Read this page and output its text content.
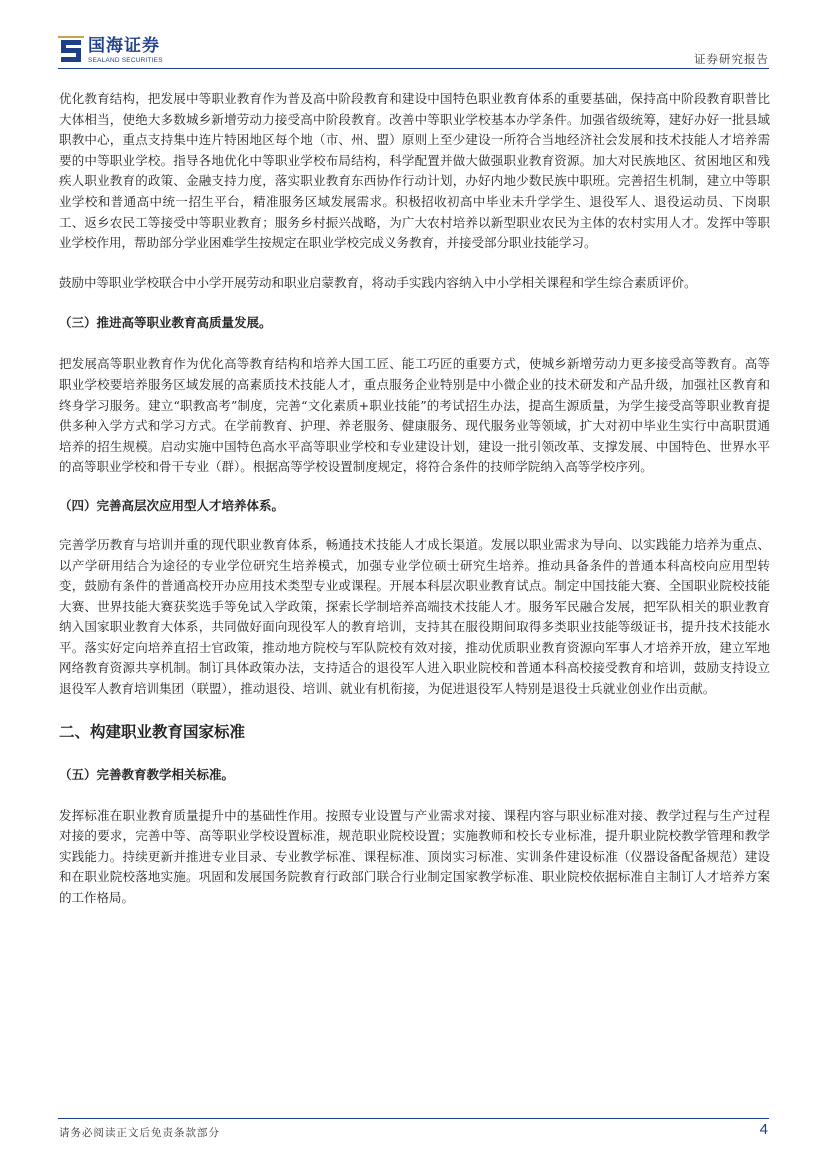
国海证券
SEALAND SECURITIES	证券研究报告

优化教育结构，把发展中等职业教育作为普及高中阶段教育和建设中国特色职业教育体系的重要基础，保持高中阶段教育职普比大体相当，使绝大多数城乡新增劳动力接受高中阶段教育。改善中等职业学校基本办学条件。加强省级统筹，建好办好一批县域职教中心，重点支持集中连片特困地区每个地（市、州、盟）原则上至少建设一所符合当地经济社会发展和技术技能人才培养需要的中等职业学校。指导各地优化中等职业学校布局结构，科学配置并做大做强职业教育资源。加大对民族地区、贫困地区和残疾人职业教育的政策、金融支持力度，落实职业教育东西协作行动计划，办好内地少数民族中职班。完善招生机制，建立中等职业学校和普通高中统一招生平台，精准服务区域发展需求。积极招收初高中毕业未升学学生、退役军人、退役运动员、下岗职工、返乡农民工等接受中等职业教育；服务乡村振兴战略，为广大农村培养以新型职业农民为主体的农村实用人才。发挥中等职业学校作用，帮助部分学业困难学生按规定在职业学校完成义务教育，并接受部分职业技能学习。

鼓励中等职业学校联合中小学开展劳动和职业启蒙教育，将动手实践内容纳入中小学相关课程和学生综合素质评价。

（三）推进高等职业教育高质量发展。

把发展高等职业教育作为优化高等教育结构和培养大国工匠、能工巧匠的重要方式，使城乡新增劳动力更多接受高等教育。高等职业学校要培养服务区域发展的高素质技术技能人才，重点服务企业特别是中小微企业的技术研发和产品升级，加强社区教育和终身学习服务。建立“职教高考”制度，完善“文化素质+职业技能”的考试招生办法，提高生源质量，为学生接受高等职业教育提供多种入学方式和学习方式。在学前教育、护理、养老服务、健康服务、现代服务业等领域，扩大对初中毕业生实行中高职贯通培养的招生规模。启动实施中国特色高水平高等职业学校和专业建设计划，建设一批引领改革、支撑发展、中国特色、世界水平的高等职业学校和骨干专业（群）。根据高等学校设置制度规定，将符合条件的技师学院纳入高等学校序列。

（四）完善高层次应用型人才培养体系。

完善学历教育与培训并重的现代职业教育体系，畅通技术技能人才成长渠道。发展以职业需求为导向、以实践能力培养为重点、以产学研用结合为途径的专业学位研究生培养模式，加强专业学位硕士研究生培养。推动具备条件的普通本科高校向应用型转变，鼓励有条件的普通高校开办应用技术类型专业或课程。开展本科层次职业教育试点。制定中国技能大赛、全国职业院校技能大赛、世界技能大赛获奖选手等免试入学政策，探索长学制培养高端技术技能人才。服务军民融合发展，把军队相关的职业教育纳入国家职业教育大体系，共同做好面向现役军人的教育培训，支持其在服役期间取得多类职业技能等级证书，提升技术技能水平。落实好定向培养直招士官政策，推动地方院校与军队院校有效对接，推动优质职业教育资源向军事人才培养开放，建立军地网络教育资源共享机制。制订具体政策办法，支持适合的退役军人进入职业院校和普通本科高校接受教育和培训，鼓励支持设立退役军人教育培训集团（联盟），推动退役、培训、就业有机衔接，为促进退役军人特别是退役士兵就业创业作出贡献。

二、构建职业教育国家标准

（五）完善教育教学相关标准。

发挥标准在职业教育质量提升中的基础性作用。按照专业设置与产业需求对接、课程内容与职业标准对接、教学过程与生产过程对接的要求，完善中等、高等职业学校设置标准，规范职业院校设置；实施教师和校长专业标准，提升职业院校教学管理和教学实践能力。持续更新并推进专业目录、专业教学标准、课程标准、顶岗实习标准、实训条件建设标准（仪器设备配备规范）建设和在职业院校落地实施。巩固和发展国务院教育行政部门联合行业制定国家教学标准、职业院校依据标准自主制订人才培养方案的工作格局。

请务必阅读正文后免责条款部分	4
